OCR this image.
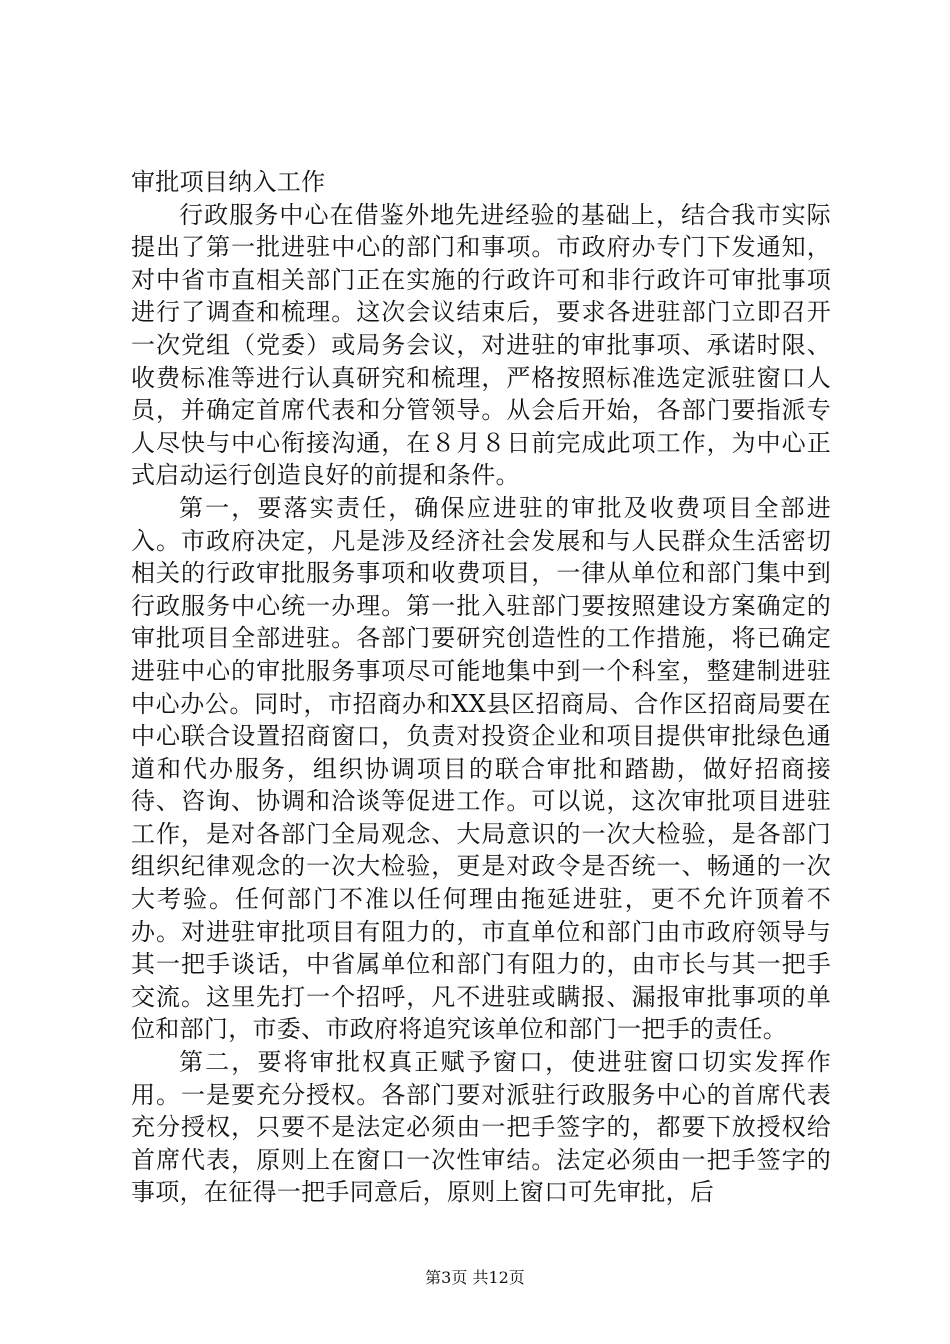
审批项目纳入工作

行政服务中心在借鉴外地先进经验的基础上，结合我市实际提出了第一批进驻中心的部门和事项。市政府办专门下发通知，对中省市直相关部门正在实施的行政许可和非行政许可审批事项进行了调查和梳理。这次会议结束后，要求各进驻部门立即召开一次党组（党委）或局务会议，对进驻的审批事项、承诺时限、收费标准等进行认真研究和梳理，严格按照标准选定派驻窗口人员，并确定首席代表和分管领导。从会后开始，各部门要指派专人尽快与中心衔接沟通，在８月８日前完成此项工作，为中心正式启动运行创造良好的前提和条件。

第一，要落实责任，确保应进驻的审批及收费项目全部进入。市政府决定，凡是涉及经济社会发展和与人民群众生活密切相关的行政审批服务事项和收费项目，一律从单位和部门集中到行政服务中心统一办理。第一批入驻部门要按照建设方案确定的审批项目全部进驻。各部门要研究创造性的工作措施，将已确定进驻中心的审批服务事项尽可能地集中到一个科室，整建制进驻中心办公。同时，市招商办和XX县区招商局、合作区招商局要在中心联合设置招商窗口，负责对投资企业和项目提供审批绿色通道和代办服务，组织协调项目的联合审批和踏勘，做好招商接待、咨询、协调和洽谈等促进工作。可以说，这次审批项目进驻工作，是对各部门全局观念、大局意识的一次大检验，是各部门组织纪律观念的一次大检验，更是对政令是否统一、畅通的一次大考验。任何部门不准以任何理由拖延进驻，更不允许顶着不办。对进驻审批项目有阻力的，市直单位和部门由市政府领导与其一把手谈话，中省属单位和部门有阻力的，由市长与其一把手交流。这里先打一个招呼，凡不进驻或瞒报、漏报审批事项的单位和部门，市委、市政府将追究该单位和部门一把手的责任。

第二，要将审批权真正赋予窗口，使进驻窗口切实发挥作用。一是要充分授权。各部门要对派驻行政服务中心的首席代表充分授权，只要不是法定必须由一把手签字的，都要下放授权给首席代表，原则上在窗口一次性审结。法定必须由一把手签字的事项，在征得一把手同意后，原则上窗口可先审批，后

第3页 共12页
